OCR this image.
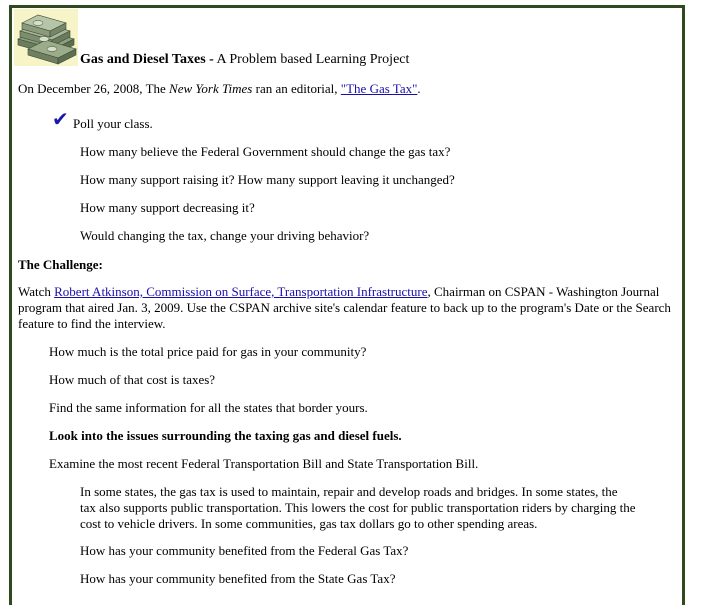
Gas and Diesel Taxes - A Problem based Learning Project
On December 26, 2008, The New York Times ran an editorial, "The Gas Tax".
✔ Poll your class.
How many believe the Federal Government should change the gas tax?
How many support raising it? How many support leaving it unchanged?
How many support decreasing it?
Would changing the tax, change your driving behavior?
The Challenge:
Watch Robert Atkinson, Commission on Surface, Transportation Infrastructure, Chairman on CSPAN - Washington Journal program that aired Jan. 3, 2009. Use the CSPAN archive site's calendar feature to back up to the program's Date or the Search feature to find the interview.
How much is the total price paid for gas in your community?
How much of that cost is taxes?
Find the same information for all the states that border yours.
Look into the issues surrounding the taxing gas and diesel fuels.
Examine the most recent Federal Transportation Bill and State Transportation Bill.
In some states, the gas tax is used to maintain, repair and develop roads and bridges. In some states, the tax also supports public transportation. This lowers the cost for public transportation riders by charging the cost to vehicle drivers. In some communities, gas tax dollars go to other spending areas.
How has your community benefited from the Federal Gas Tax?
How has your community benefited from the State Gas Tax?
